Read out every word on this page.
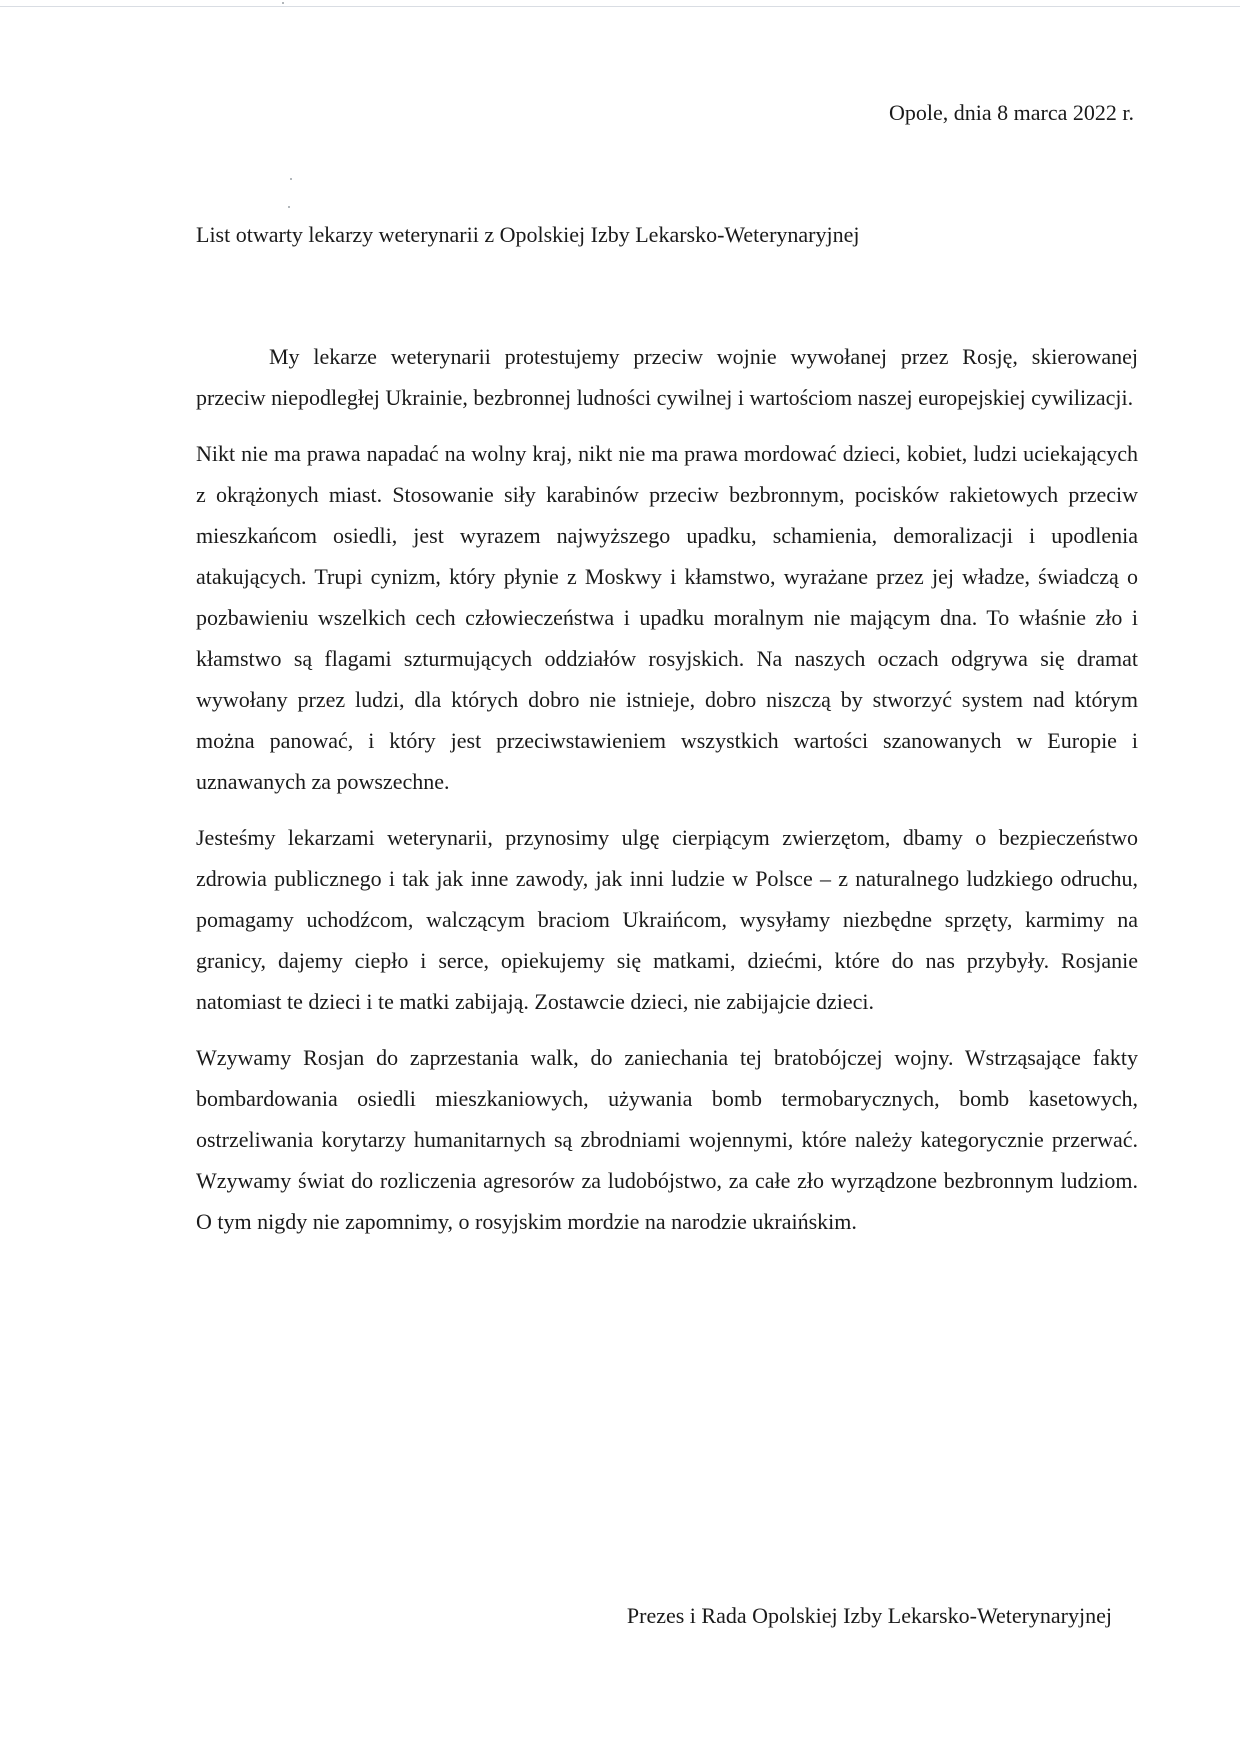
Opole, dnia 8 marca 2022 r.
List otwarty lekarzy weterynarii z Opolskiej Izby Lekarsko-Weterynaryjnej

My lekarze weterynarii protestujemy przeciw wojnie wywołanej przez Rosję, skierowanej przeciw niepodległej Ukrainie, bezbronnej ludności cywilnej i wartościom naszej europejskiej cywilizacji.

Nikt nie ma prawa napadać na wolny kraj, nikt nie ma prawa mordować dzieci, kobiet, ludzi uciekających z okrążonych miast. Stosowanie siły karabinów przeciw bezbronnym, pocisków rakietowych przeciw mieszkańcom osiedli, jest wyrazem najwyższego upadku, schamienia, demoralizacji i upodlenia atakujących. Trupi cynizm, który płynie z Moskwy i kłamstwo, wyrażane przez jej władze, świadczą o pozbawieniu wszelkich cech człowieczeństwa i upadku moralnym nie mającym dna. To właśnie zło i kłamstwo są flagami szturmujących oddziałów rosyjskich. Na naszych oczach odgrywa się dramat wywołany przez ludzi, dla których dobro nie istnieje, dobro niszczą by stworzyć system nad którym można panować, i który jest przeciwstawieniem wszystkich wartości szanowanych w Europie i uznawanych za powszechne.

Jesteśmy lekarzami weterynarii, przynosimy ulgę cierpiącym zwierzętom, dbamy o bezpieczeństwo zdrowia publicznego i tak jak inne zawody, jak inni ludzie w Polsce – z naturalnego ludzkiego odruchu, pomagamy uchodźcom, walczącym braciom Ukraińcom, wysyłamy niezbędne sprzęty, karmimy na granicy, dajemy ciepło i serce, opiekujemy się matkami, dziećmi, które do nas przybyły. Rosjanie natomiast te dzieci i te matki zabijają. Zostawcie dzieci, nie zabijajcie dzieci.

Wzywamy Rosjan do zaprzestania walk, do zaniechania tej bratobójczej wojny. Wstrząsające fakty bombardowania osiedli mieszkaniowych, używania bomb termobarycznych, bomb kasetowych, ostrzeliwania korytarzy humanitarnych są zbrodniami wojennymi, które należy kategorycznie przerwać. Wzywamy świat do rozliczenia agresorów za ludobójstwo, za całe zło wyrządzone bezbronnym ludziom. O tym nigdy nie zapomnimy, o rosyjskim mordzie na narodzie ukraińskim.

Prezes i Rada Opolskiej Izby Lekarsko-Weterynaryjnej
